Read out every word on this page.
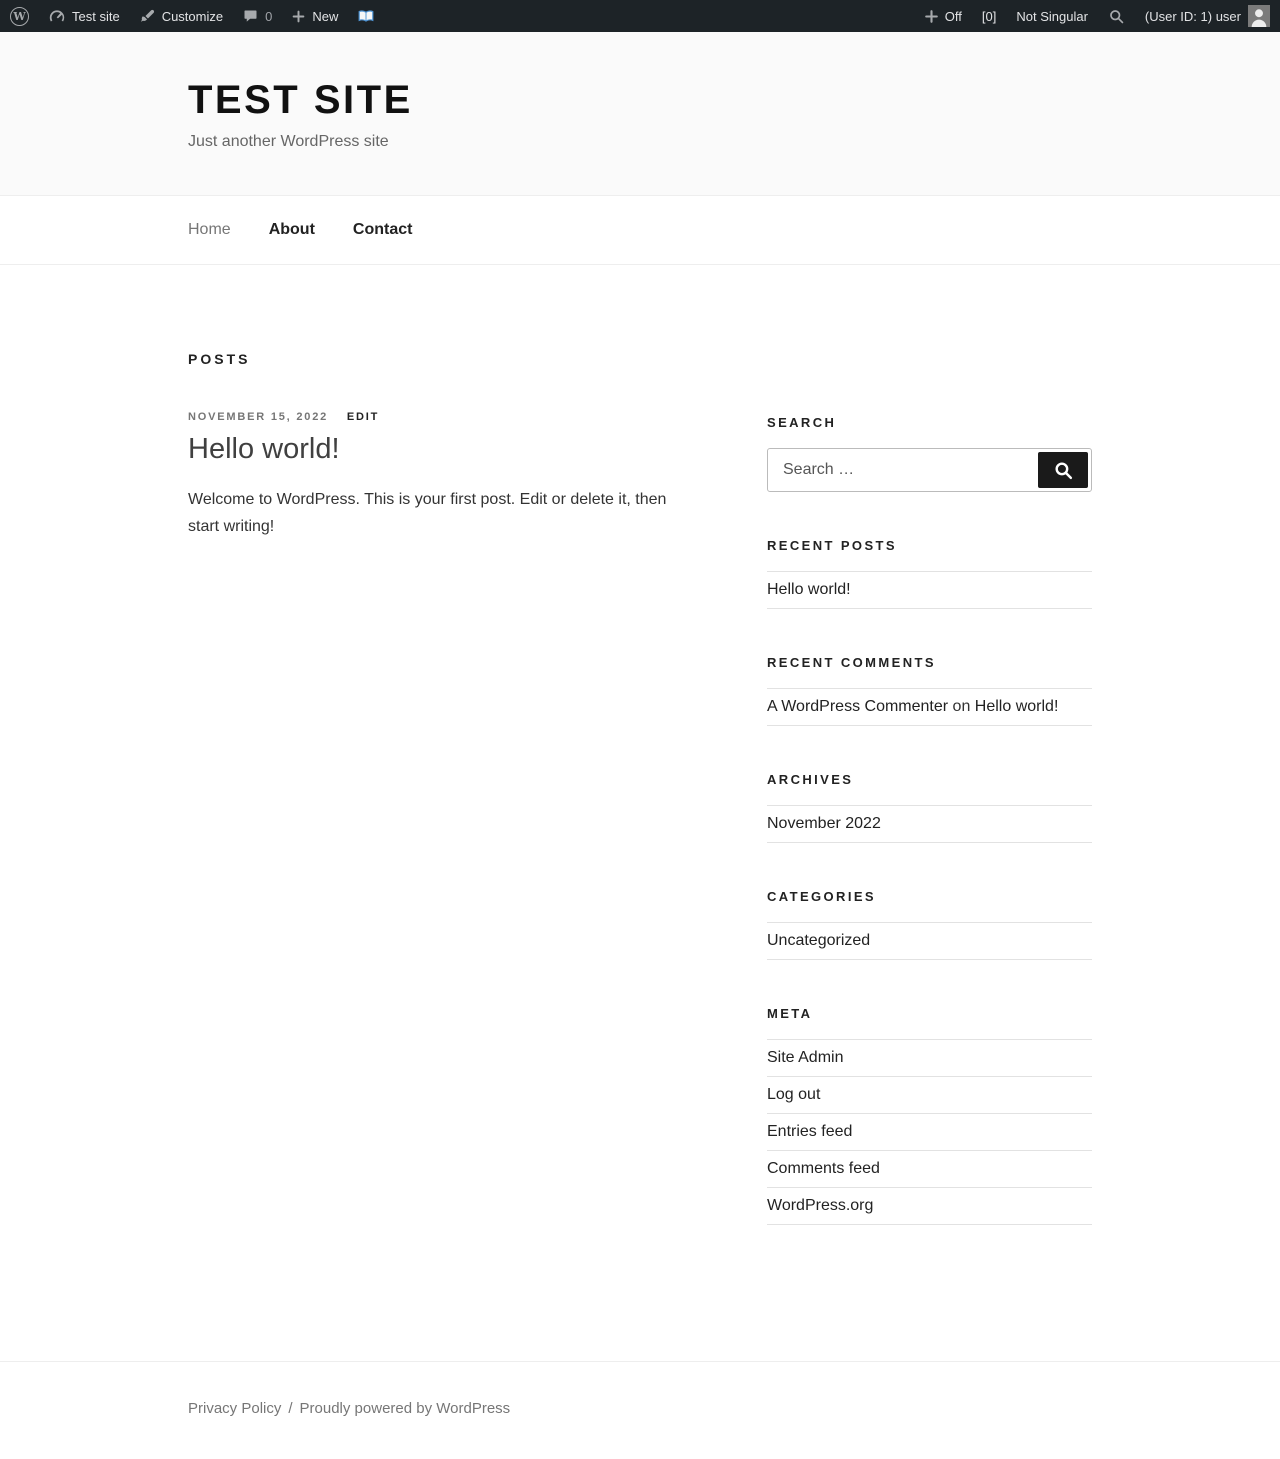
W	Test site	Customize	0	New	Off [0] Not Singular	(User ID: 1) user
TEST SITE

Just another WordPress site

Home	About	Contact
POSTS
NOVEMBER 15, 2022 EDIT
Hello world!

Welcome to WordPress. This is your first post. Edit or delete it, then start writing!

SEARCH
Search …
RECENT POSTS
Hello world!
RECENT COMMENTS
A WordPress Commenter on Hello world!
ARCHIVES
November 2022
CATEGORIES
Uncategorized
META
Site Admin
Log out
Entries feed
Comments feed
WordPress.org
Privacy Policy / Proudly powered by WordPress
